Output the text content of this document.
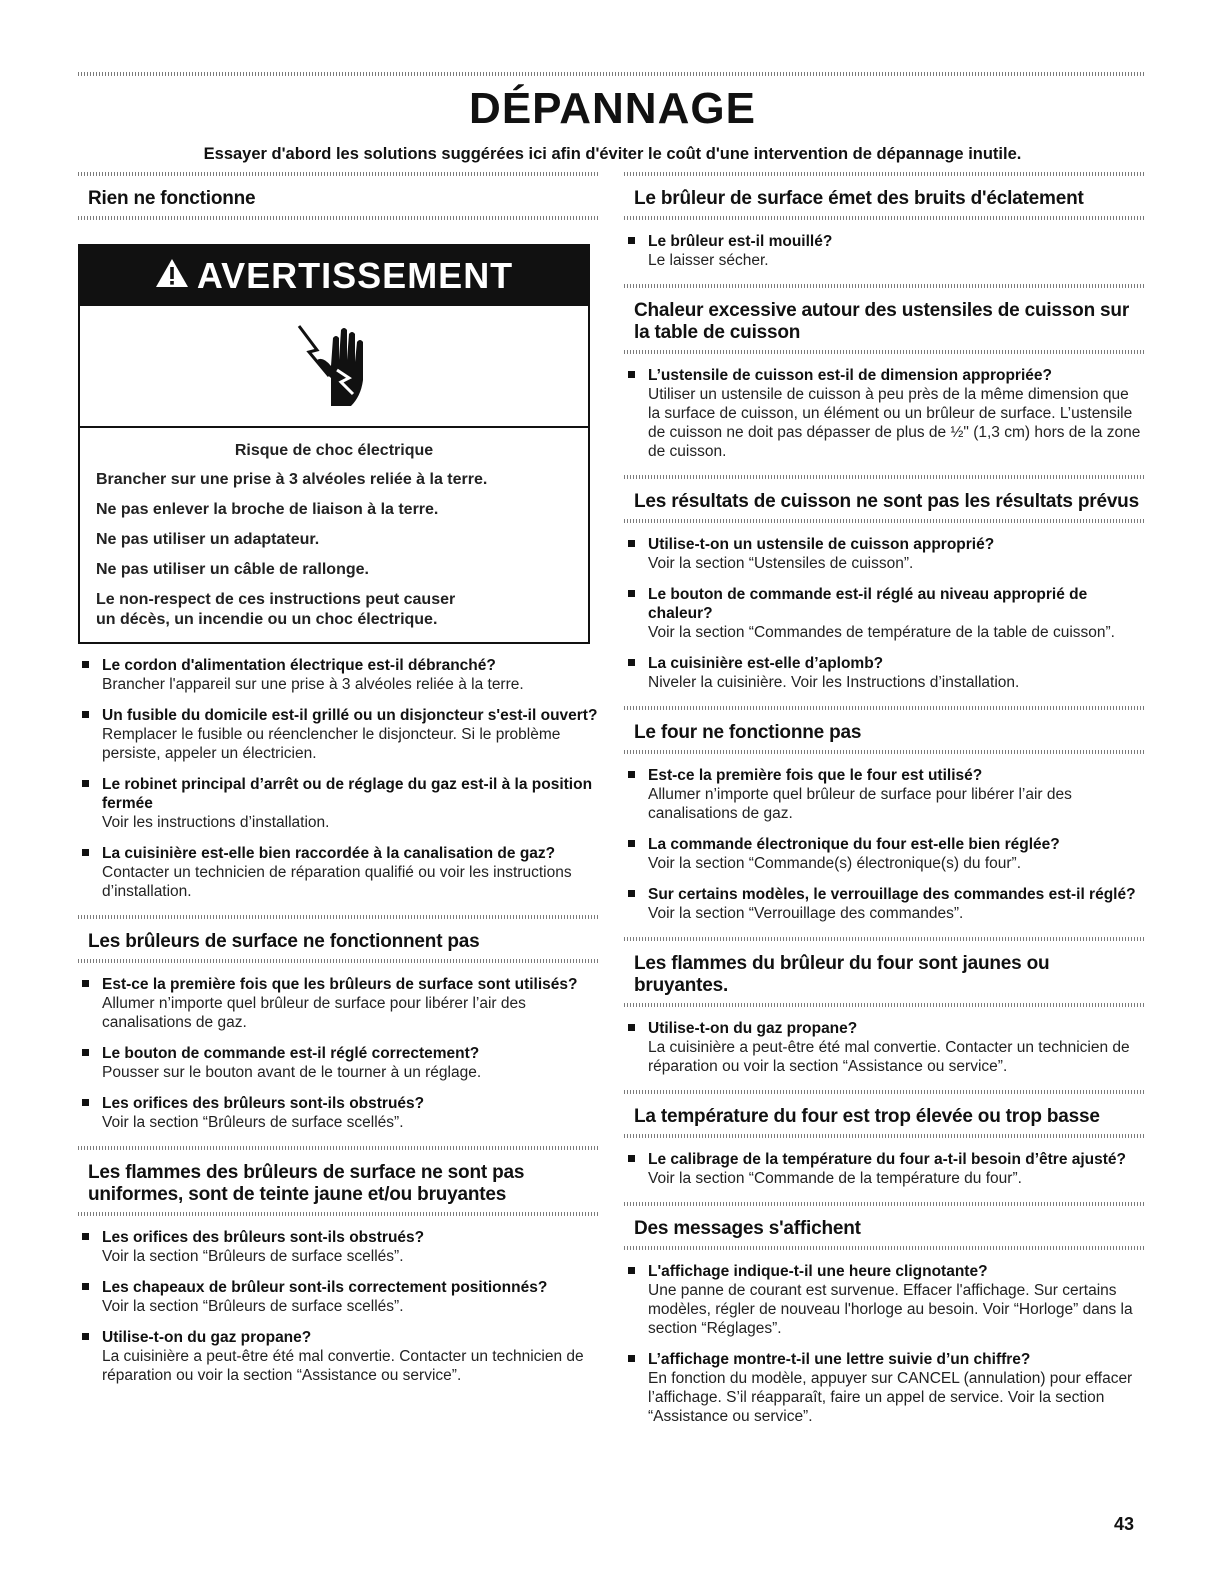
DÉPANNAGE
Essayer d'abord les solutions suggérées ici afin d'éviter le coût d'une intervention de dépannage inutile.
Rien ne fonctionne
AVERTISSEMENT
Risque de choc électrique
Brancher sur une prise à 3 alvéoles reliée à la terre.
Ne pas enlever la broche de liaison à la terre.
Ne pas utiliser un adaptateur.
Ne pas utiliser un câble de rallonge.
Le non-respect de ces instructions peut causer
un décès, un incendie ou un choc électrique.
Le cordon d'alimentation électrique est-il débranché?
Brancher l'appareil sur une prise à 3 alvéoles reliée à la terre.
Un fusible du domicile est-il grillé ou un disjoncteur s'est-il ouvert?
Remplacer le fusible ou réenclencher le disjoncteur. Si le problème persiste, appeler un électricien.
Le robinet principal d’arrêt ou de réglage du gaz est-il à la position fermée
Voir les instructions d’installation.
La cuisinière est-elle bien raccordée à la canalisation de gaz?
Contacter un technicien de réparation qualifié ou voir les instructions d’installation.
Les brûleurs de surface ne fonctionnent pas
Est-ce la première fois que les brûleurs de surface sont utilisés?
Allumer n’importe quel brûleur de surface pour libérer l’air des canalisations de gaz.
Le bouton de commande est-il réglé correctement?
Pousser sur le bouton avant de le tourner à un réglage.
Les orifices des brûleurs sont-ils obstrués?
Voir la section “Brûleurs de surface scellés”.
Les flammes des brûleurs de surface ne sont pas uniformes, sont de teinte jaune et/ou bruyantes
Les orifices des brûleurs sont-ils obstrués?
Voir la section “Brûleurs de surface scellés”.
Les chapeaux de brûleur sont-ils correctement positionnés?
Voir la section “Brûleurs de surface scellés”.
Utilise-t-on du gaz propane?
La cuisinière a peut-être été mal convertie. Contacter un technicien de réparation ou voir la section “Assistance ou service”.
Le brûleur de surface émet des bruits d'éclatement
Le brûleur est-il mouillé?
Le laisser sécher.
Chaleur excessive autour des ustensiles de cuisson sur la table de cuisson
L’ustensile de cuisson est-il de dimension appropriée?
Utiliser un ustensile de cuisson à peu près de la même dimension que la surface de cuisson, un élément ou un brûleur de surface. L’ustensile de cuisson ne doit pas dépasser de plus de ½" (1,3 cm) hors de la zone de cuisson.
Les résultats de cuisson ne sont pas les résultats prévus
Utilise-t-on un ustensile de cuisson approprié?
Voir la section “Ustensiles de cuisson”.
Le bouton de commande est-il réglé au niveau approprié de chaleur?
Voir la section “Commandes de température de la table de cuisson”.
La cuisinière est-elle d’aplomb?
Niveler la cuisinière. Voir les Instructions d’installation.
Le four ne fonctionne pas
Est-ce la première fois que le four est utilisé?
Allumer n’importe quel brûleur de surface pour libérer l’air des canalisations de gaz.
La commande électronique du four est-elle bien réglée?
Voir la section “Commande(s) électronique(s) du four”.
Sur certains modèles, le verrouillage des commandes est-il réglé?
Voir la section “Verrouillage des commandes”.
Les flammes du brûleur du four sont jaunes ou bruyantes.
Utilise-t-on du gaz propane?
La cuisinière a peut-être été mal convertie. Contacter un technicien de réparation ou voir la section “Assistance ou service”.
La température du four est trop élevée ou trop basse
Le calibrage de la température du four a-t-il besoin d’être ajusté?
Voir la section “Commande de la température du four”.
Des messages s'affichent
L'affichage indique-t-il une heure clignotante?
Une panne de courant est survenue. Effacer l'affichage. Sur certains modèles, régler de nouveau l'horloge au besoin. Voir “Horloge” dans la section “Réglages”.
L’affichage montre-t-il une lettre suivie d’un chiffre?
En fonction du modèle, appuyer sur CANCEL (annulation) pour effacer l’affichage. S’il réapparaît, faire un appel de service. Voir la section “Assistance ou service”.
43
